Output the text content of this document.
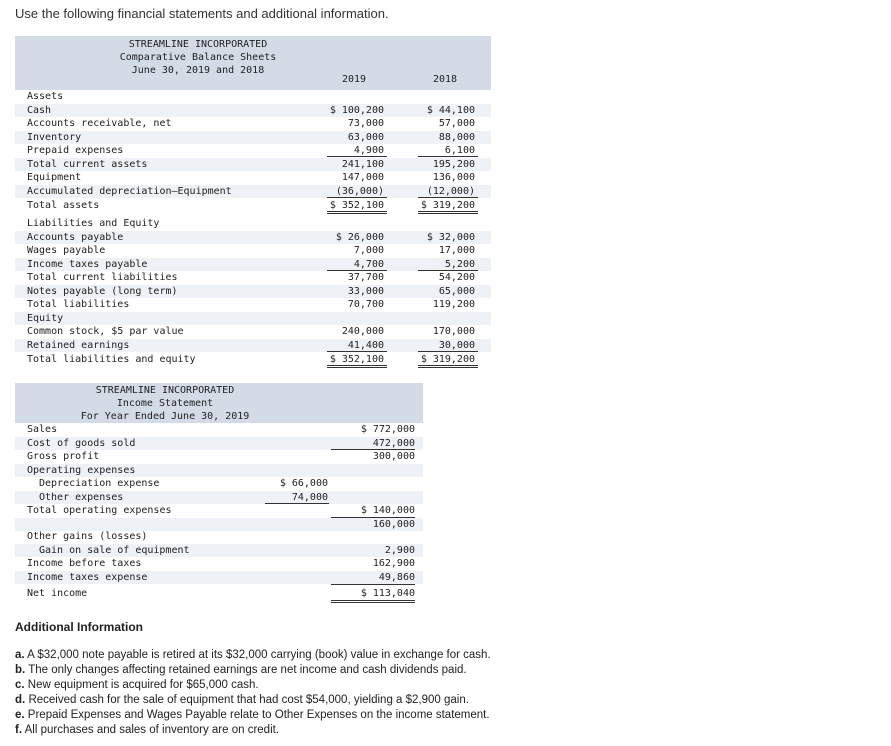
Use the following financial statements and additional information.
STREAMLINE INCORPORATED
Comparative Balance Sheets
June 30, 2019 and 2018
2019	2018
Assets
Cash	$ 100,200	$ 44,100
Accounts receivable, net	73,000	57,000
Inventory	63,000	88,000
Prepaid expenses	4,900	6,100
Total current assets	241,100	195,200
Equipment	147,000	136,000
Accumulated depreciation—Equipment	(36,000)	(12,000)
Total assets	$ 352,100	$ 319,200
Liabilities and Equity
Accounts payable	$ 26,000	$ 32,000
Wages payable	7,000	17,000
Income taxes payable	4,700	5,200
Total current liabilities	37,700	54,200
Notes payable (long term)	33,000	65,000
Total liabilities	70,700	119,200
Equity
Common stock, $5 par value	240,000	170,000
Retained earnings	41,400	30,000
Total liabilities and equity	$ 352,100	$ 319,200
STREAMLINE INCORPORATED
Income Statement
For Year Ended June 30, 2019
Sales	$ 772,000
Cost of goods sold	472,000
Gross profit	300,000
Operating expenses
Depreciation expense	$ 66,000
Other expenses	74,000
Total operating expenses	$ 140,000
160,000
Other gains (losses)
Gain on sale of equipment	2,900
Income before taxes	162,900
Income taxes expense	49,860
Net income	$ 113,040
Additional Information
a. A $32,000 note payable is retired at its $32,000 carrying (book) value in exchange for cash.
b. The only changes affecting retained earnings are net income and cash dividends paid.
c. New equipment is acquired for $65,000 cash.
d. Received cash for the sale of equipment that had cost $54,000, yielding a $2,900 gain.
e. Prepaid Expenses and Wages Payable relate to Other Expenses on the income statement.
f. All purchases and sales of inventory are on credit.
